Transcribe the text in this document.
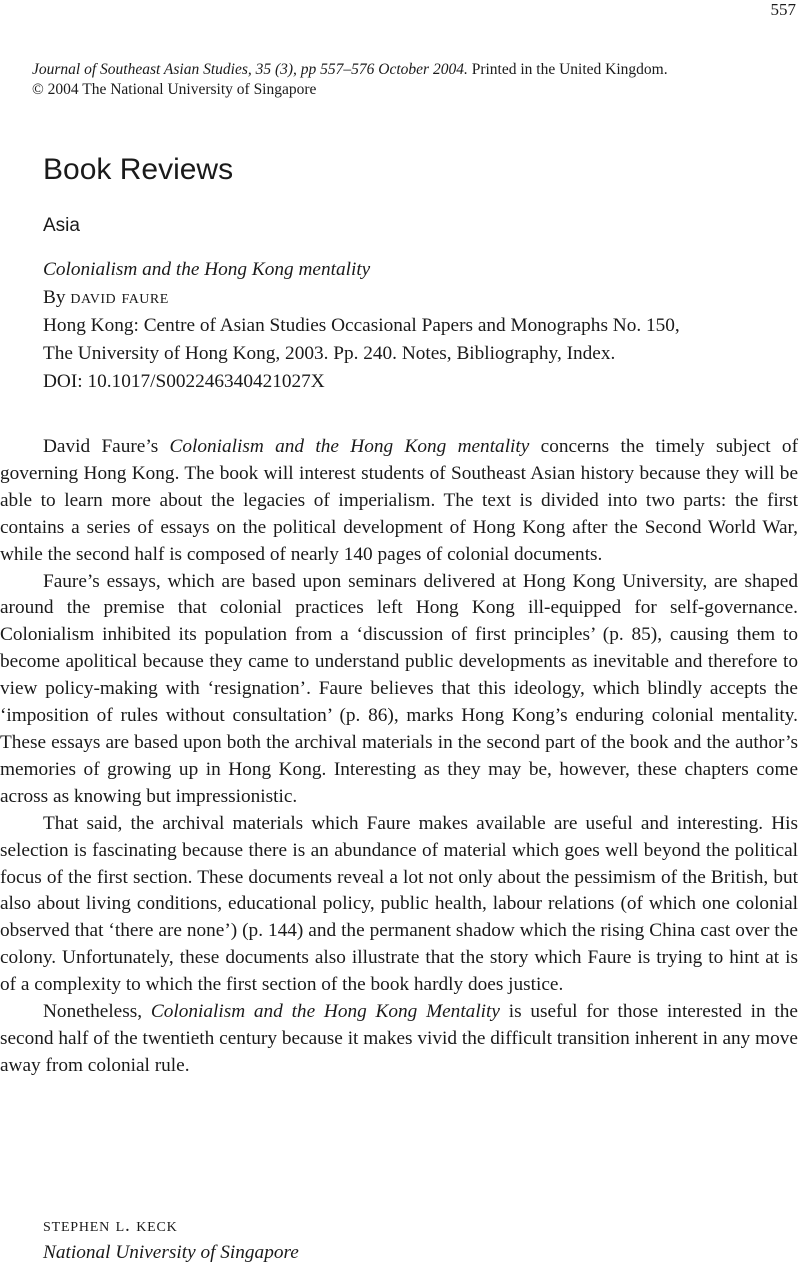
557
Journal of Southeast Asian Studies, 35 (3), pp 557–576 October 2004. Printed in the United Kingdom.
© 2004 The National University of Singapore
Book Reviews
Asia
Colonialism and the Hong Kong mentality
By david faure
Hong Kong: Centre of Asian Studies Occasional Papers and Monographs No. 150,
The University of Hong Kong, 2003. Pp. 240. Notes, Bibliography, Index.
DOI: 10.1017/S002246340421027X

David Faure’s Colonialism and the Hong Kong mentality concerns the timely subject of governing Hong Kong. The book will interest students of Southeast Asian history because they will be able to learn more about the legacies of imperialism. The text is divided into two parts: the first contains a series of essays on the political development of Hong Kong after the Second World War, while the second half is composed of nearly 140 pages of colonial documents.

Faure’s essays, which are based upon seminars delivered at Hong Kong University, are shaped around the premise that colonial practices left Hong Kong ill-equipped for self-governance. Colonialism inhibited its population from a ‘discussion of first principles’ (p. 85), causing them to become apolitical because they came to understand public developments as inevitable and therefore to view policy-making with ‘resignation’. Faure believes that this ideology, which blindly accepts the ‘imposition of rules without consultation’ (p. 86), marks Hong Kong’s enduring colonial mentality. These essays are based upon both the archival materials in the second part of the book and the author’s memories of growing up in Hong Kong. Interesting as they may be, however, these chapters come across as knowing but impressionistic.

That said, the archival materials which Faure makes available are useful and interesting. His selection is fascinating because there is an abundance of material which goes well beyond the political focus of the first section. These documents reveal a lot not only about the pessimism of the British, but also about living conditions, educational policy, public health, labour relations (of which one colonial observed that ‘there are none’) (p. 144) and the permanent shadow which the rising China cast over the colony. Unfortunately, these documents also illustrate that the story which Faure is trying to hint at is of a complexity to which the first section of the book hardly does justice.

Nonetheless, Colonialism and the Hong Kong Mentality is useful for those interested in the second half of the twentieth century because it makes vivid the difficult transition inherent in any move away from colonial rule.

stephen l. keck
National University of Singapore
